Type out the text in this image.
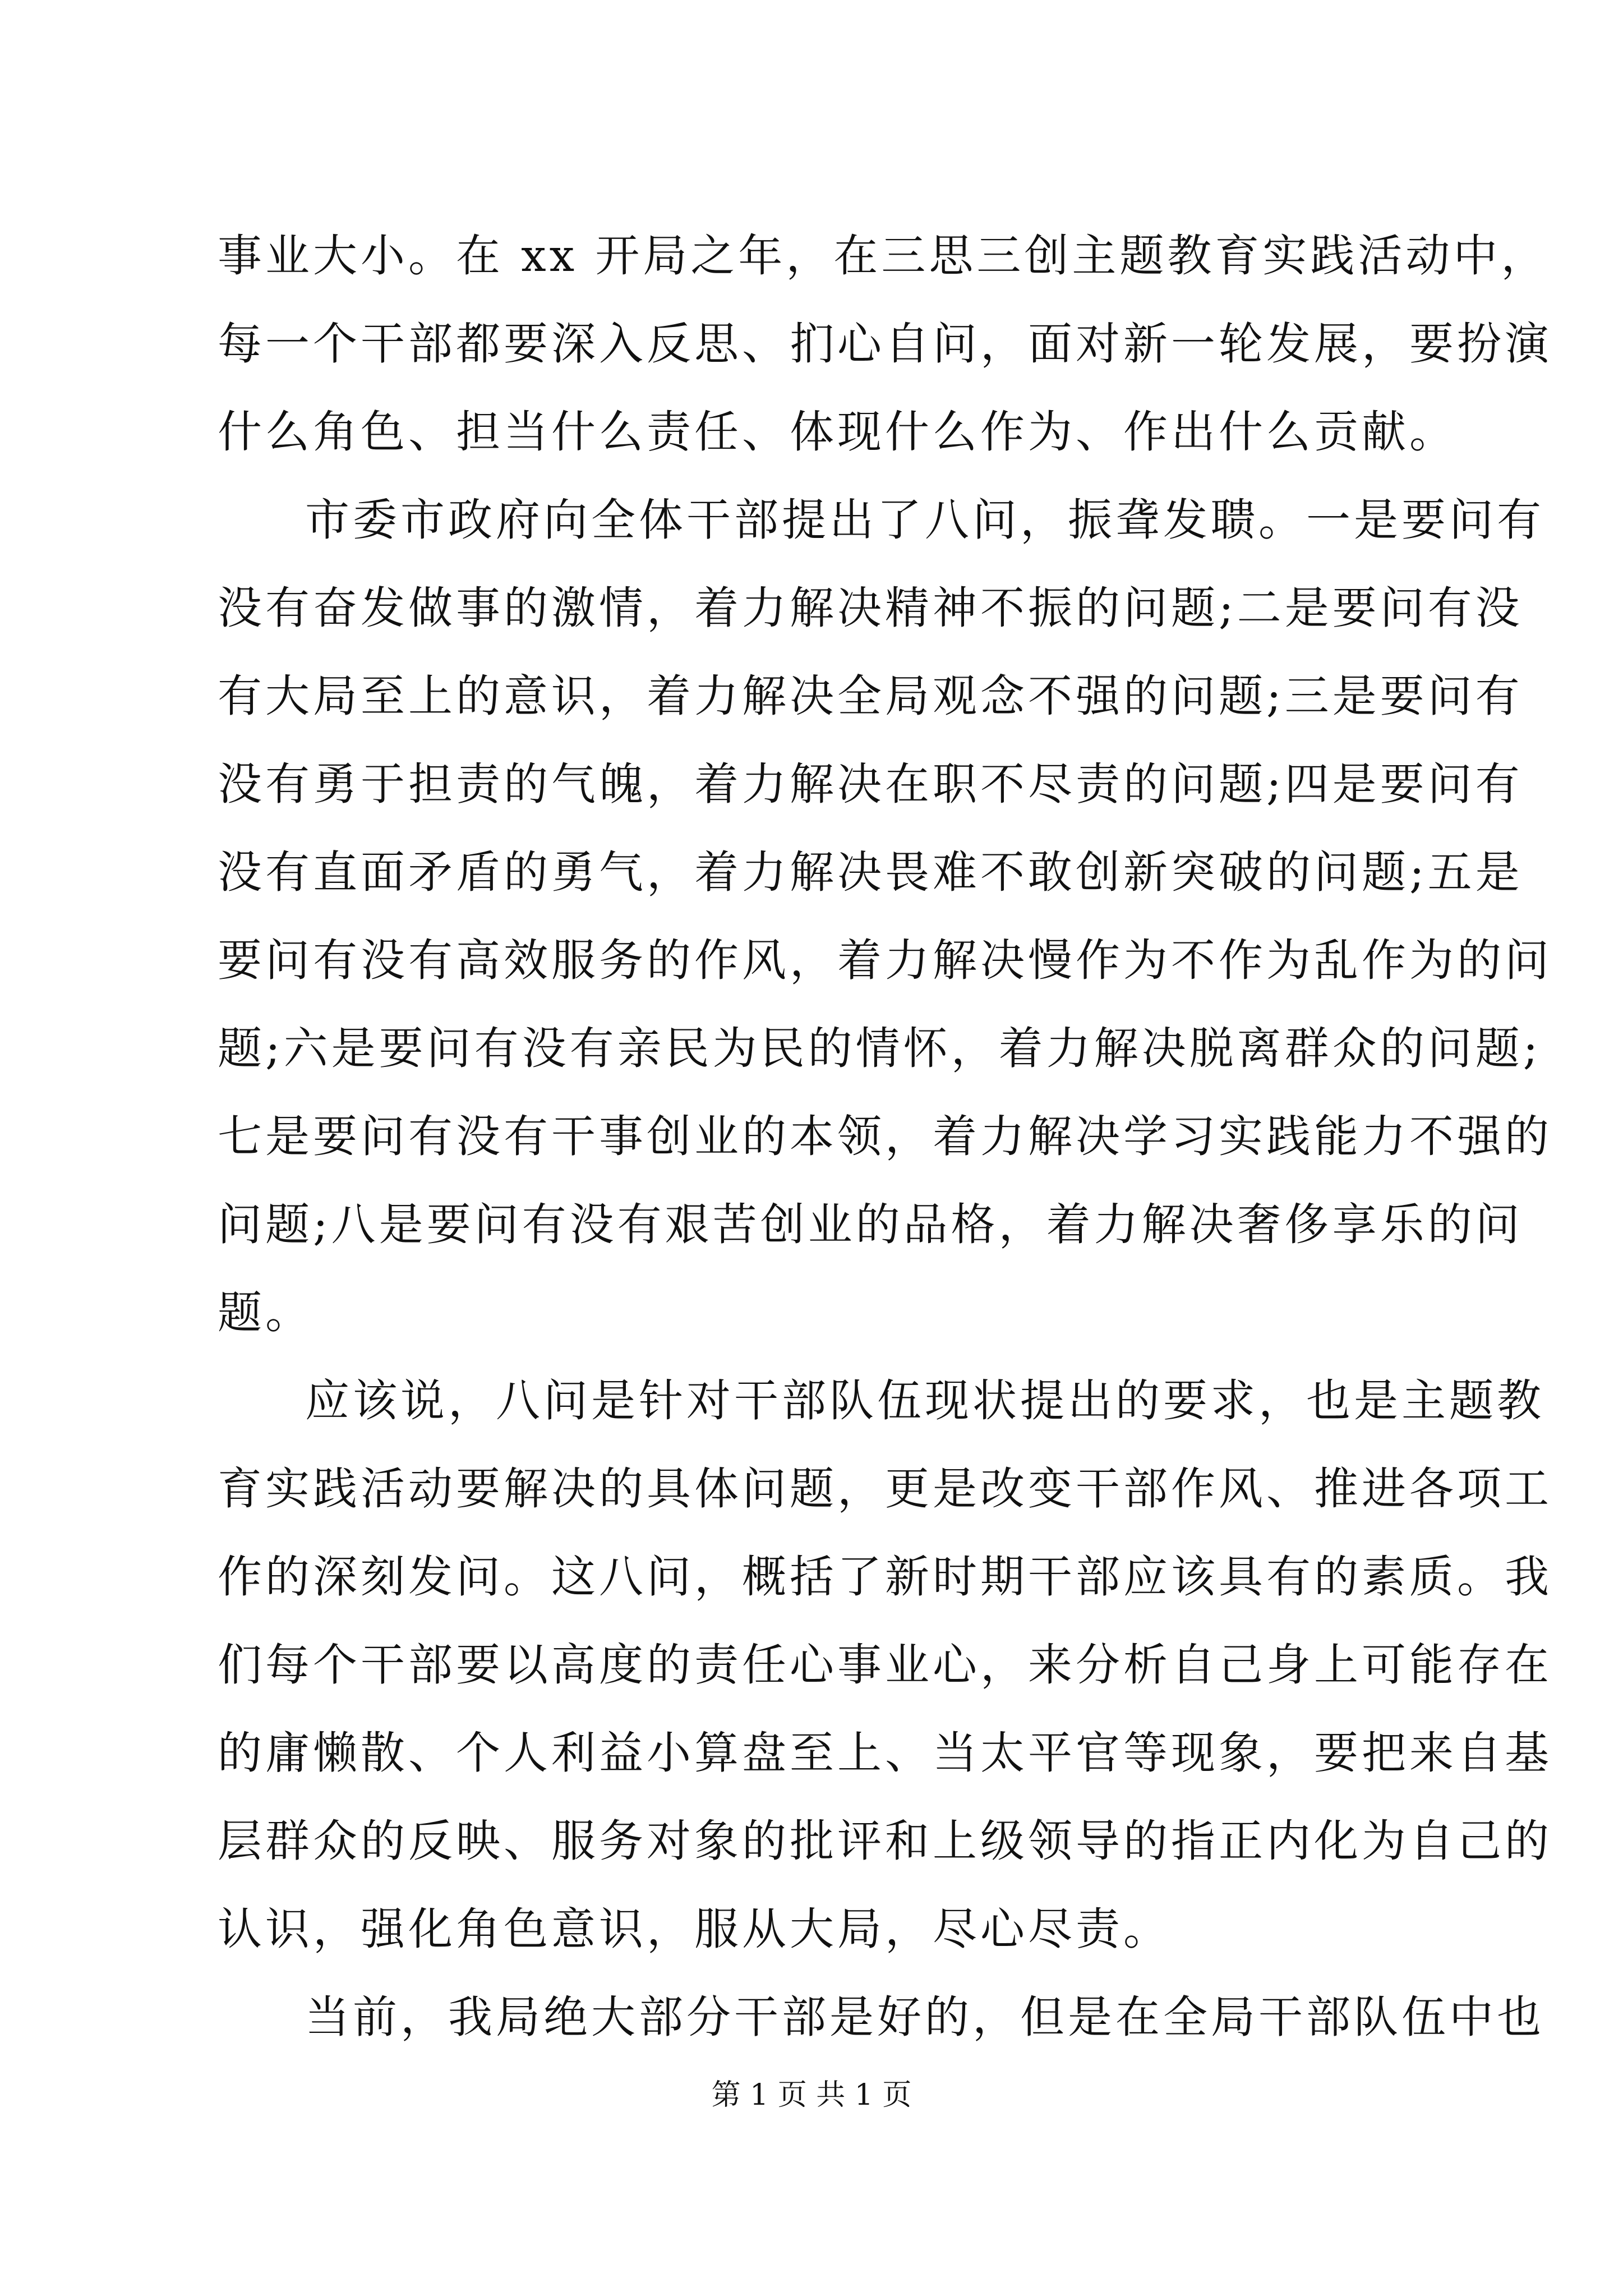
事业大小。在 xx 开局之年，在三思三创主题教育实践活动中，
每一个干部都要深入反思、扪心自问，面对新一轮发展，要扮演
什么角色、担当什么责任、体现什么作为、作出什么贡献。
市委市政府向全体干部提出了八问，振聋发聩。一是要问有
没有奋发做事的激情，着力解决精神不振的问题;二是要问有没
有大局至上的意识，着力解决全局观念不强的问题;三是要问有
没有勇于担责的气魄，着力解决在职不尽责的问题;四是要问有
没有直面矛盾的勇气，着力解决畏难不敢创新突破的问题;五是
要问有没有高效服务的作风，着力解决慢作为不作为乱作为的问
题;六是要问有没有亲民为民的情怀，着力解决脱离群众的问题;
七是要问有没有干事创业的本领，着力解决学习实践能力不强的
问题;八是要问有没有艰苦创业的品格，着力解决奢侈享乐的问
题。
应该说，八问是针对干部队伍现状提出的要求，也是主题教
育实践活动要解决的具体问题，更是改变干部作风、推进各项工
作的深刻发问。这八问，概括了新时期干部应该具有的素质。我
们每个干部要以高度的责任心事业心，来分析自己身上可能存在
的庸懒散、个人利益小算盘至上、当太平官等现象，要把来自基
层群众的反映、服务对象的批评和上级领导的指正内化为自己的
认识，强化角色意识，服从大局，尽心尽责。
当前，我局绝大部分干部是好的，但是在全局干部队伍中也
第 1 页 共 1 页
